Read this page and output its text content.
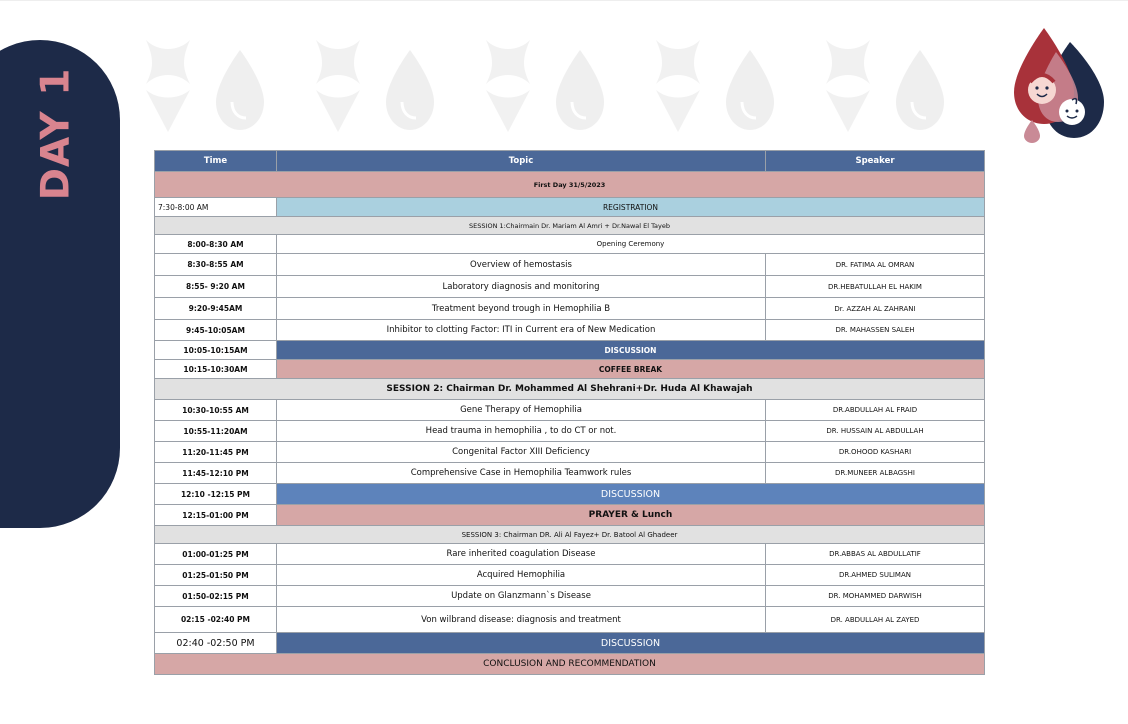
DAY 1	Time	Topic	Speaker
First Day 31/5/2023		
7:30-8:00 AM	REGISTRATION	
SESSION 1:Chairmain Dr. Mariam Al Amri + Dr.Nawal El Tayeb		
8:00-8:30 AM	Opening Ceremony	
8:30-8:55 AM	Overview of hemostasis	DR. FATIMA AL OMRAN
8:55- 9:20 AM	Laboratory diagnosis and monitoring	DR.HEBATULLAH EL HAKIM
9:20-9:45AM	Treatment beyond trough in Hemophilia B	Dr. AZZAH AL ZAHRANI
9:45-10:05AM	Inhibitor to clotting Factor: ITI in Current era of New Medication	DR. MAHASSEN SALEH
10:05-10:15AM	DISCUSSION	
10:15-10:30AM	COFFEE BREAK	
SESSION 2: Chairman Dr. Mohammed Al Shehrani+Dr. Huda Al Khawajah		
10:30-10:55 AM	Gene Therapy of Hemophilia	DR.ABDULLAH AL FRAID
10:55-11:20AM	Head trauma in hemophilia , to do CT or not.	DR. HUSSAIN AL ABDULLAH
11:20-11:45 PM	Congenital Factor XIII Deficiency	DR.OHOOD KASHARI
11:45-12:10 PM	Comprehensive Case in Hemophilia Teamwork rules	DR.MUNEER ALBAGSHI
12:10 -12:15 PM	DISCUSSION	
12:15-01:00 PM	PRAYER & Lunch	
SESSION 3: Chairman DR. Ali Al Fayez+ Dr. Batool Al Ghadeer		
01:00-01:25 PM	Rare inherited coagulation Disease	DR.ABBAS AL ABDULLATIF
01:25-01:50 PM	Acquired Hemophilia	DR.AHMED SULIMAN
01:50-02:15 PM	Update on Glanzmann`s Disease	DR. MOHAMMED DARWISH
02:15 -02:40 PM	Von wilbrand disease: diagnosis and treatment	DR. ABDULLAH AL ZAYED
02:40 -02:50 PM	DISCUSSION	
CONCLUSION AND RECOMMENDATION		
